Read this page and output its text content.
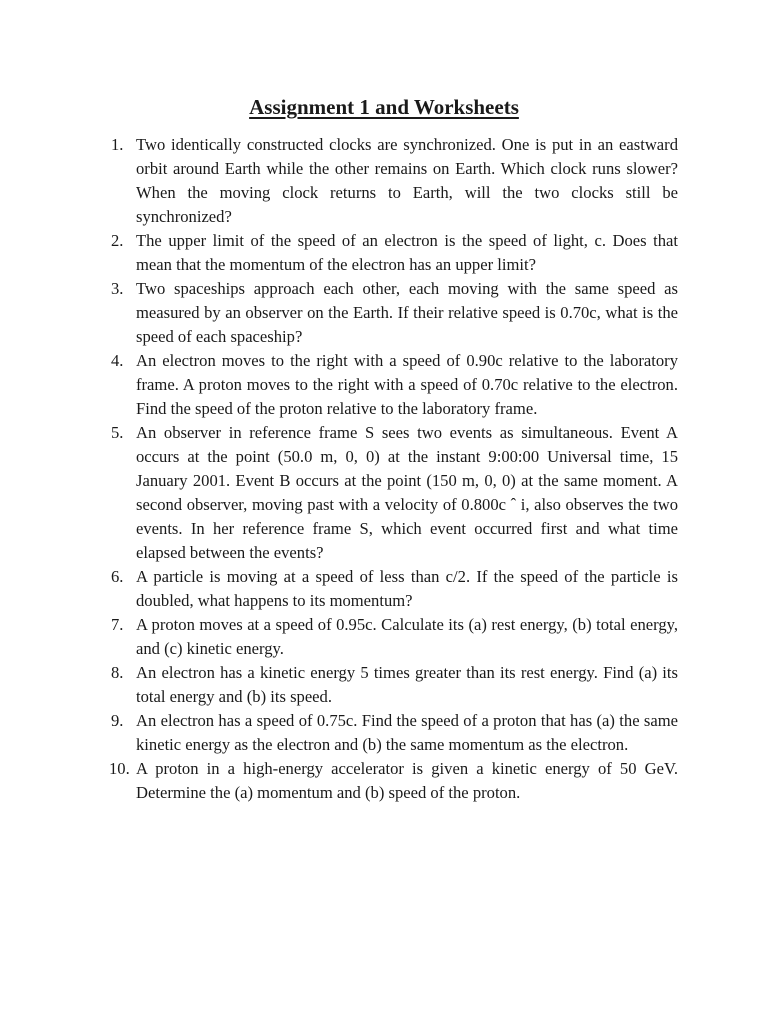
Assignment 1 and Worksheets
1. Two identically constructed clocks are synchronized. One is put in an eastward orbit around Earth while the other remains on Earth. Which clock runs slower? When the moving clock returns to Earth, will the two clocks still be synchronized?
2. The upper limit of the speed of an electron is the speed of light, c. Does that mean that the momentum of the electron has an upper limit?
3. Two spaceships approach each other, each moving with the same speed as measured by an observer on the Earth. If their relative speed is 0.70c, what is the speed of each spaceship?
4. An electron moves to the right with a speed of 0.90c relative to the laboratory frame. A proton moves to the right with a speed of 0.70c relative to the electron. Find the speed of the proton relative to the laboratory frame.
5. An observer in reference frame S sees two events as simultaneous. Event A occurs at the point (50.0 m, 0, 0) at the instant 9:00:00 Universal time, 15 January 2001. Event B occurs at the point (150 m, 0, 0) at the same moment. A second observer, moving past with a velocity of 0.800c ˆ i, also observes the two events. In her reference frame S, which event occurred first and what time elapsed between the events?
6. A particle is moving at a speed of less than c/2. If the speed of the particle is doubled, what happens to its momentum?
7. A proton moves at a speed of 0.95c. Calculate its (a) rest energy, (b) total energy, and (c) kinetic energy.
8. An electron has a kinetic energy 5 times greater than its rest energy. Find (a) its total energy and (b) its speed.
9. An electron has a speed of 0.75c. Find the speed of a proton that has (a) the same kinetic energy as the electron and (b) the same momentum as the electron.
10. A proton in a high-energy accelerator is given a kinetic energy of 50 GeV. Determine the (a) momentum and (b) speed of the proton.
